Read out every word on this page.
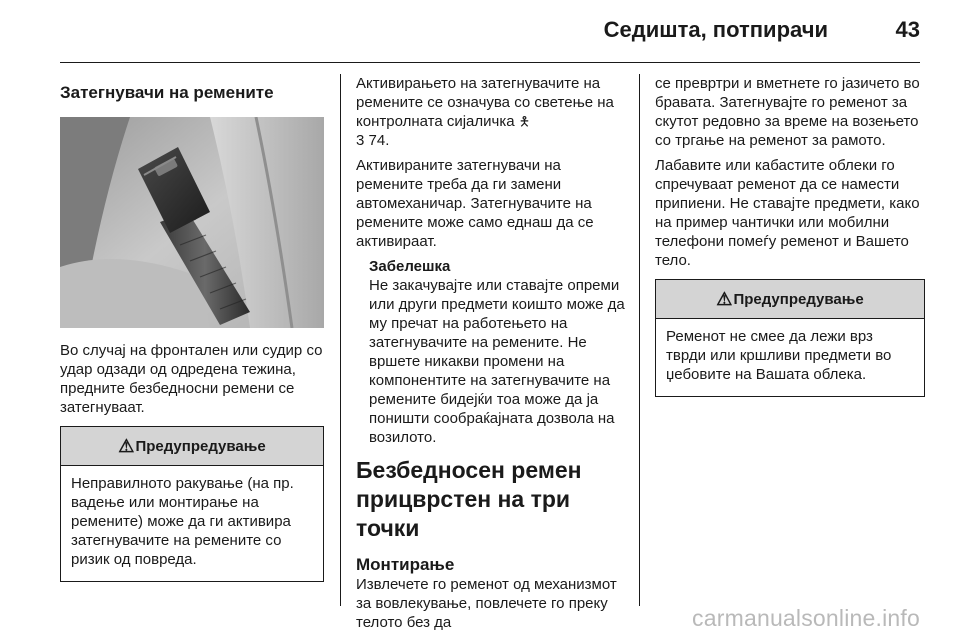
Седишта, потпирачи	43
Затегнувачи на ремените

Во случај на фронтален или судир со удар одзади од одредена тежина, предните безбедносни ремени се затегнуваат.

⚠ Предупредување
Неправилното ракување (на пр. вадење или монтирање на ремените) може да ги активира затегнувачите на ремените со ризик од повреда.

Активирањето на затегнувачите на ремените се означува со светење на контролната сијаличка 🯅
3 74.

Активираните затегнувачи на ремените треба да ги замени автомеханичар. Затегнувачите на ремените може само еднаш да се активираат.

Забелешка

Не закачувајте или ставајте опреми или други предмети коишто може да му пречат на работењето на затегнувачите на ремените. Не вршете никакви промени на компонентите на затегнувачите на ремените бидејќи тоа може да ја поништи сообраќајната дозвола на возилото.

Безбедносен ремен прицврстен на три точки
Монтирање

Извлечете го ременот од механизмот за вовлекување, повлечете го преку телото без да

се превртри и вметнете го јазичето во бравата. Затегнувајте го ременот за скутот редовно за време на возењето со тргање на ременот за рамото.

Лабавите или кабастите облеки го спречуваат ременот да се намести припиени. Не ставајте предмети, како на пример чантички или мобилни телефони помеѓу ременот и Вашето тело.

⚠ Предупредување
Ременот не смее да лежи врз тврди или кршливи предмети во џебовите на Вашата облека.
carmanualsonline.info
